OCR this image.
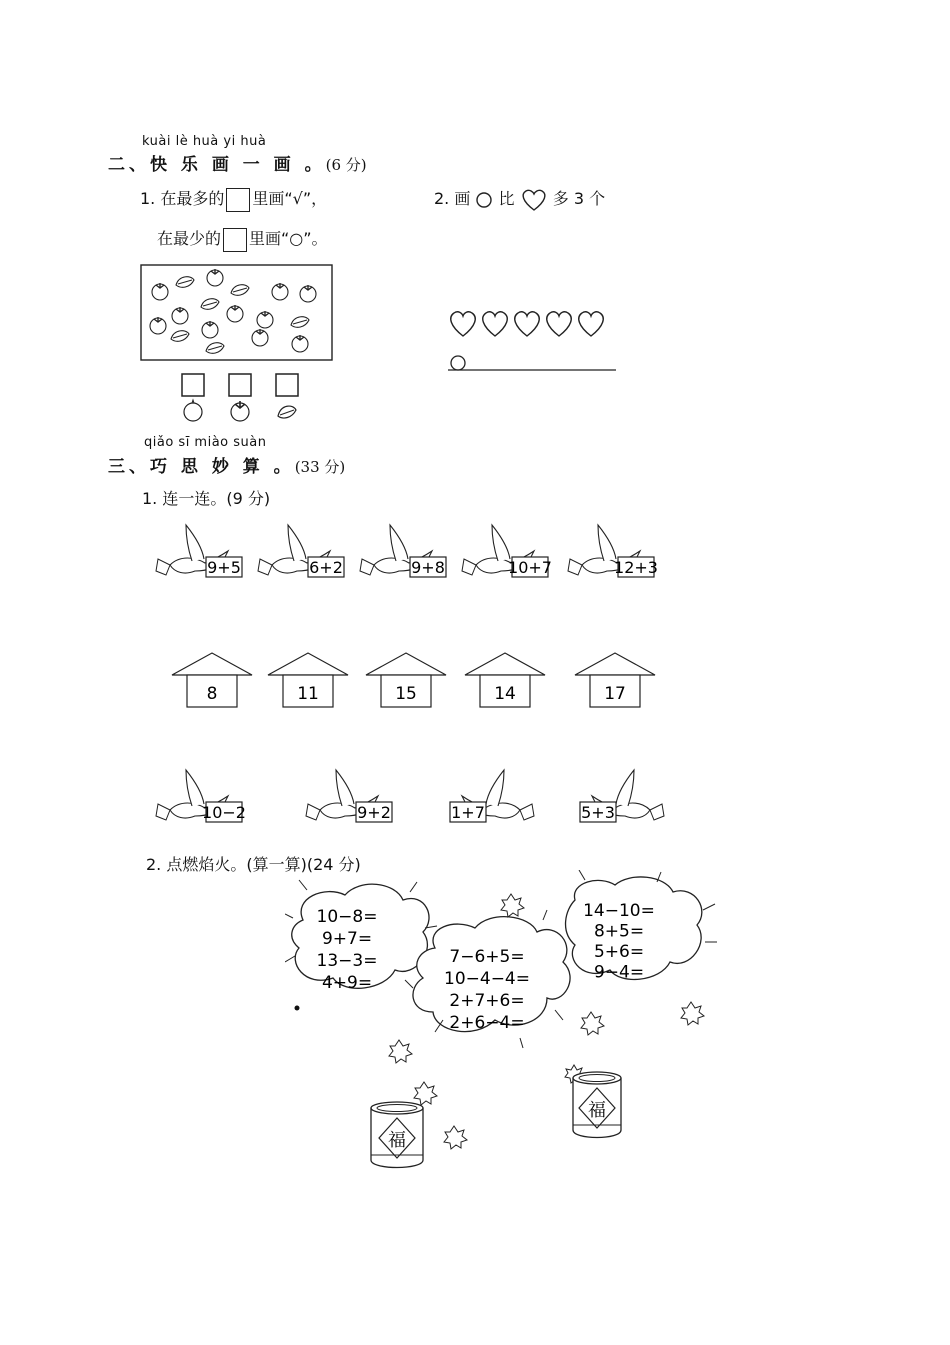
kuài lè huà yi huà
二、快 乐 画 一 画 。(6 分)
1. 在最多的 里画“√”，
在最少的 里画“○”。
2. 画 比 多 3 个
qiǎo sī miào suàn
三、巧 思 妙 算 。(33 分)
1. 连一连。(9 分)
9+5	6+2	9+8	10+7	12+3
8	11	15	14	17
10−2	9+2	1+7	5+3
2. 点燃焰火。(算一算)(24 分)
10−8=
9+7=
13−3=
4+9=
7−6+5=
10−4−4=
2+7+6=
2+6−4=
14−10=
8+5=
5+6=
9−4=
福
福
